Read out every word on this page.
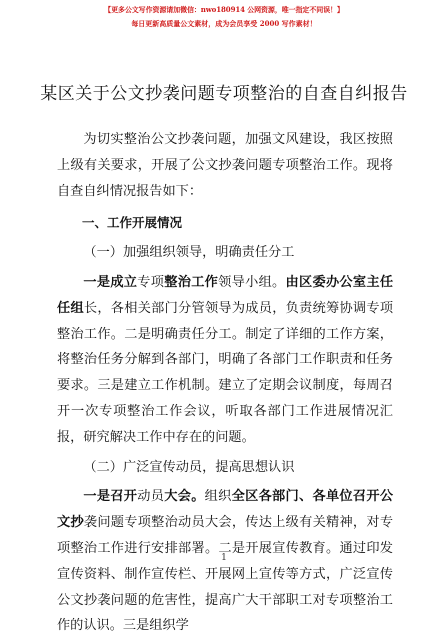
【更多公文写作资源请加微信：nwo180914 公网资源，唯一指定不同误！】
每日更新高质量公文素材，成为会员享受 2000 写作素材！
某区关于公文抄袭问题专项整治的自查自纠报告

为切实整治公文抄袭问题，加强文风建设，我区按照上级有关要求，开展了公文抄袭问题专项整治工作。现将自查自纠情况报告如下：

一、工作开展情况

（一）加强组织领导，明确责任分工

一是成立专项整治工作领导小组。由区委办公室主任任组长，各相关部门分管领导为成员，负责统筹协调专项整治工作。二是明确责任分工。制定了详细的工作方案，将整治任务分解到各部门，明确了各部门工作职责和任务要求。三是建立工作机制。建立了定期会议制度，每周召开一次专项整治工作会议，听取各部门工作进展情况汇报，研究解决工作中存在的问题。

（二）广泛宣传动员，提高思想认识

一是召开动员大会。组织全区各部门、各单位召开公文抄袭问题专项整治动员大会，传达上级有关精神，对专项整治工作进行安排部署。二是开展宣传教育。通过印发宣传资料、制作宣传栏、开展网上宣传等方式，广泛宣传公文抄袭问题的危害性，提高广大干部职工对专项整治工作的认识。三是组织学

1
